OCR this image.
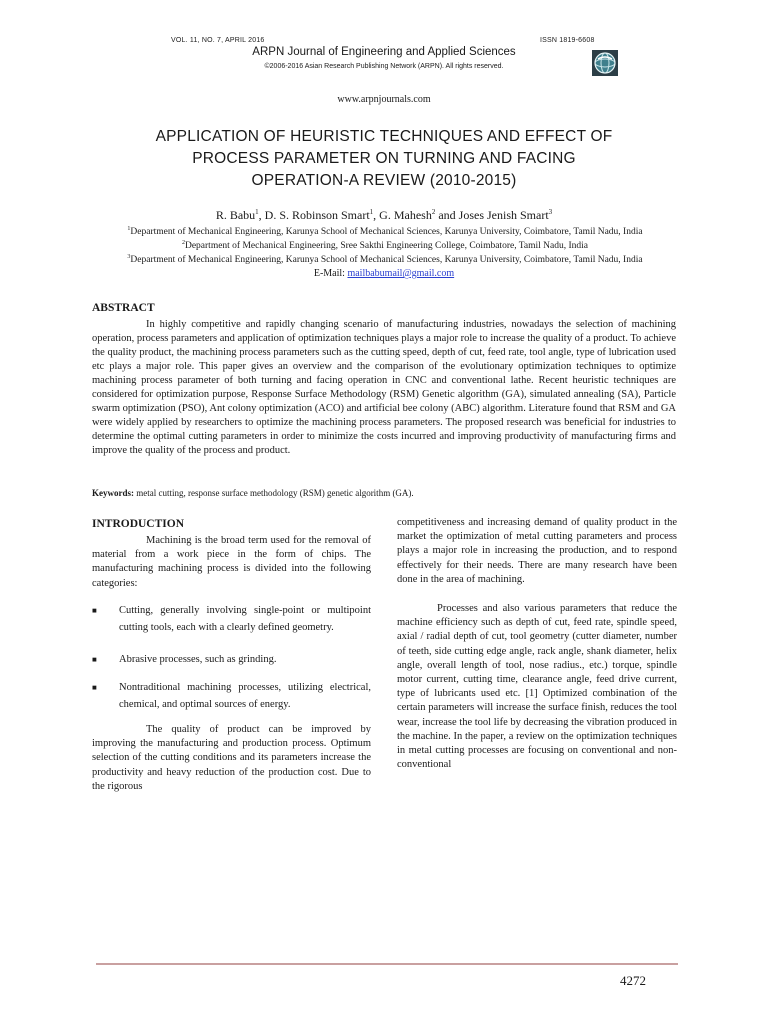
VOL. 11, NO. 7, APRIL 2016	ISSN 1819-6608
ARPN Journal of Engineering and Applied Sciences
©2006-2016 Asian Research Publishing Network (ARPN). All rights reserved.
www.arpnjournals.com
APPLICATION OF HEURISTIC TECHNIQUES AND EFFECT OF
PROCESS PARAMETER ON TURNING AND FACING
OPERATION-A REVIEW (2010-2015)
R. Babu$^1$, D. S. Robinson Smart$^1$, G. Mahesh$^2$ and Joses Jenish Smart$^3$
$^1$Department of Mechanical Engineering, Karunya School of Mechanical Sciences, Karunya University, Coimbatore, Tamil Nadu, India
$^2$Department of Mechanical Engineering, Sree Sakthi Engineering College, Coimbatore, Tamil Nadu, India
$^3$Department of Mechanical Engineering, Karunya School of Mechanical Sciences, Karunya University, Coimbatore, Tamil Nadu, India
E-Mail: mailbabumail@gmail.com
ABSTRACT

In highly competitive and rapidly changing scenario of manufacturing industries, nowadays the selection of machining operation, process parameters and application of optimization techniques plays a major role to increase the quality of a product. To achieve the quality product, the machining process parameters such as the cutting speed, depth of cut, feed rate, tool angle, type of lubrication used etc plays a major role. This paper gives an overview and the comparison of the evolutionary optimization techniques to optimize machining process parameter of both turning and facing operation in CNC and conventional lathe. Recent heuristic techniques are considered for optimization purpose, Response Surface Methodology (RSM) Genetic algorithm (GA), simulated annealing (SA), Particle swarm optimization (PSO), Ant colony optimization (ACO) and artificial bee colony (ABC) algorithm. Literature found that RSM and GA were widely applied by researchers to optimize the machining process parameters. The proposed research was beneficial for industries to determine the optimal cutting parameters in order to minimize the costs incurred and improving productivity of manufacturing firms and improve the quality of the process and product.

Keywords: metal cutting, response surface methodology (RSM) genetic algorithm (GA).
INTRODUCTION

Machining is the broad term used for the removal of material from a work piece in the form of chips. The manufacturing machining process is divided into the following categories:

■ Cutting, generally involving single-point or multipoint cutting tools, each with a clearly defined geometry.
■ Abrasive processes, such as grinding.
■ Nontraditional machining processes, utilizing electrical, chemical, and optimal sources of energy.

The quality of product can be improved by improving the manufacturing and production process. Optimum selection of the cutting conditions and its parameters increase the productivity and heavy reduction of the production cost. Due to the rigorous

competitiveness and increasing demand of quality product in the market the optimization of metal cutting parameters and process plays a major role in increasing the production, and to respond effectively for their needs. There are many research have been done in the area of machining.

Processes and also various parameters that reduce the machine efficiency such as depth of cut, feed rate, spindle speed, axial / radial depth of cut, tool geometry (cutter diameter, number of teeth, side cutting edge angle, rack angle, shank diameter, helix angle, overall length of tool, nose radius., etc.) torque, spindle motor current, cutting time, clearance angle, feed drive current, type of lubricants used etc. [1] Optimized combination of the certain parameters will increase the surface finish, reduces the tool wear, increase the tool life by decreasing the vibration produced in the machine. In the paper, a review on the optimization techniques in metal cutting processes are focusing on conventional and non-conventional

4272
